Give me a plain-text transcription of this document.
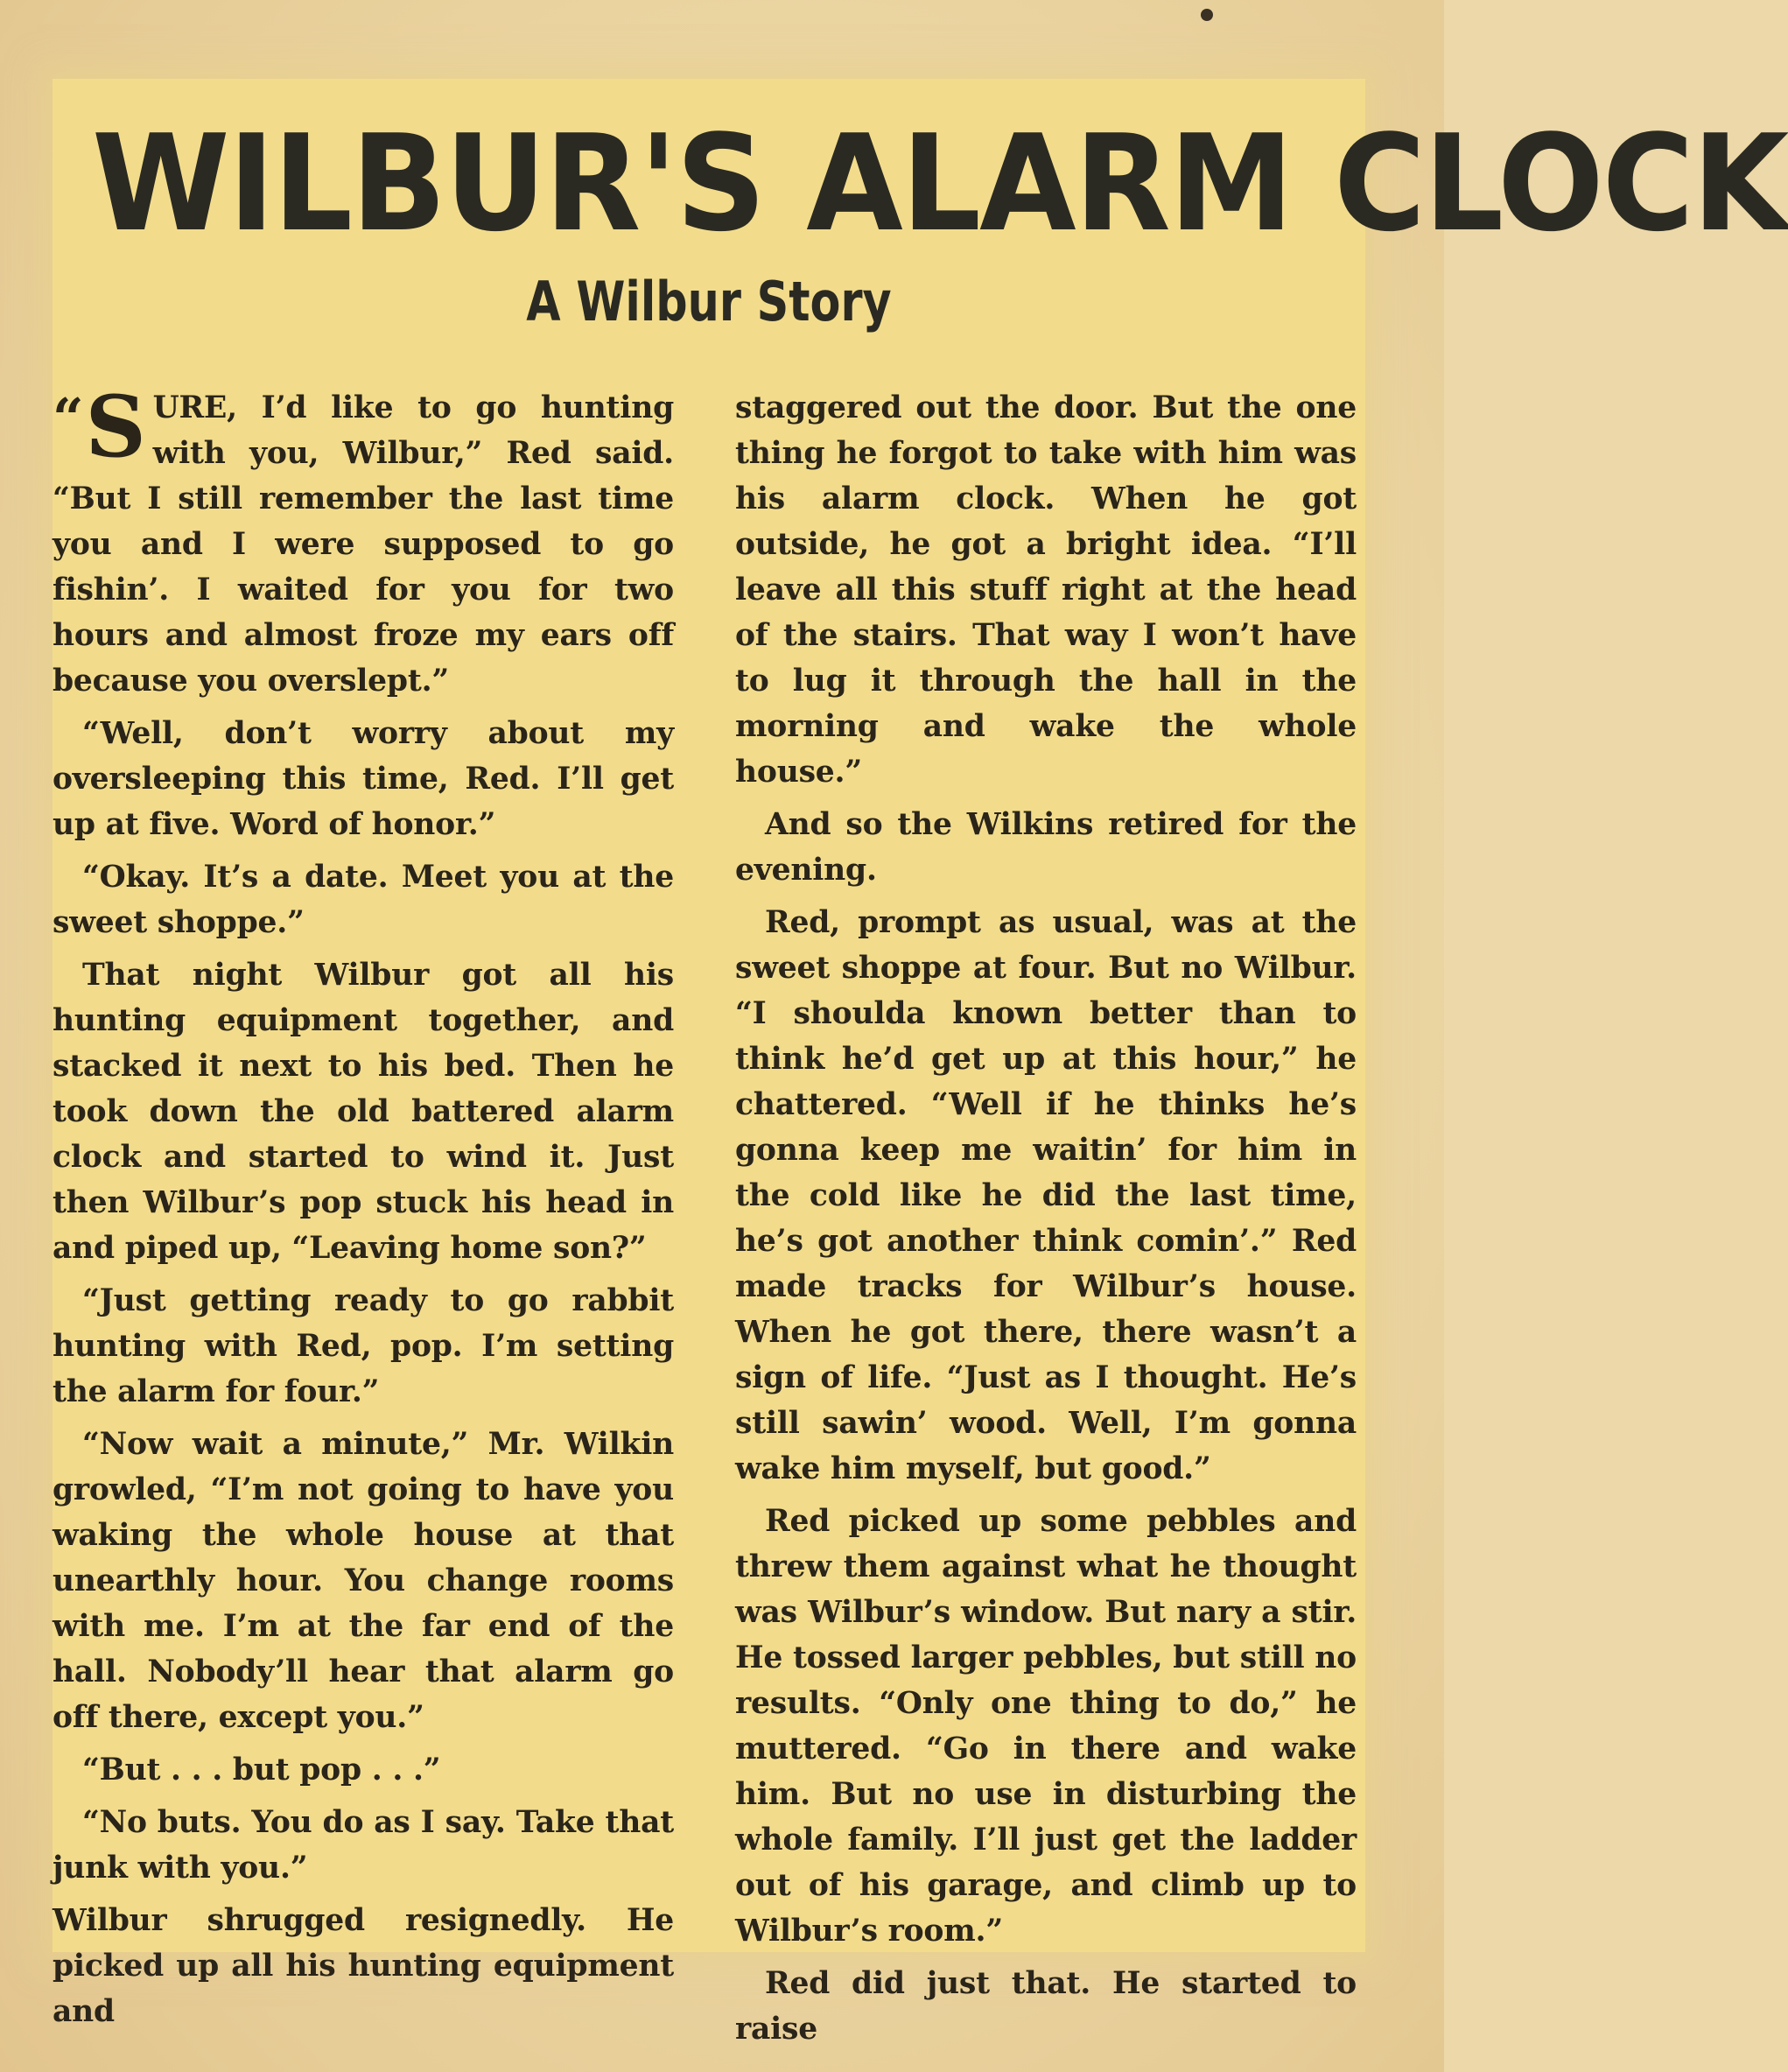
WILBUR'S ALARM CLOCK
A Wilbur Story

“ S URE, I’d like to go hunting with you, Wilbur,” Red said. “But I still remember the last time you and I were supposed to go fishin’. I waited for you for two hours and almost froze my ears off because you overslept.”

“Well, don’t worry about my oversleeping this time, Red. I’ll get up at five. Word of honor.”

“Okay. It’s a date. Meet you at the sweet shoppe.”

That night Wilbur got all his hunting equipment together, and stacked it next to his bed. Then he took down the old battered alarm clock and started to wind it. Just then Wilbur’s pop stuck his head in and piped up, “Leaving home son?”

“Just getting ready to go rabbit hunting with Red, pop. I’m setting the alarm for four.”

“Now wait a minute,” Mr. Wilkin growled, “I’m not going to have you waking the whole house at that unearthly hour. You change rooms with me. I’m at the far end of the hall. Nobody’ll hear that alarm go off there, except you.”

“But . . . but pop . . .”

“No buts. You do as I say. Take that junk with you.”

Wilbur shrugged resignedly. He picked up all his hunting equipment and

staggered out the door. But the one thing he forgot to take with him was his alarm clock. When he got outside, he got a bright idea. “I’ll leave all this stuff right at the head of the stairs. That way I won’t have to lug it through the hall in the morning and wake the whole house.”

And so the Wilkins retired for the evening.

Red, prompt as usual, was at the sweet shoppe at four. But no Wilbur. “I shoulda known better than to think he’d get up at this hour,” he chattered. “Well if he thinks he’s gonna keep me waitin’ for him in the cold like he did the last time, he’s got another think comin’.” Red made tracks for Wilbur’s house. When he got there, there wasn’t a sign of life. “Just as I thought. He’s still sawin’ wood. Well, I’m gonna wake him myself, but good.”

Red picked up some pebbles and threw them against what he thought was Wilbur’s window. But nary a stir. He tossed larger pebbles, but still no results. “Only one thing to do,” he muttered. “Go in there and wake him. But no use in disturbing the whole family. I’ll just get the ladder out of his garage, and climb up to Wilbur’s room.”

Red did just that. He started to raise
